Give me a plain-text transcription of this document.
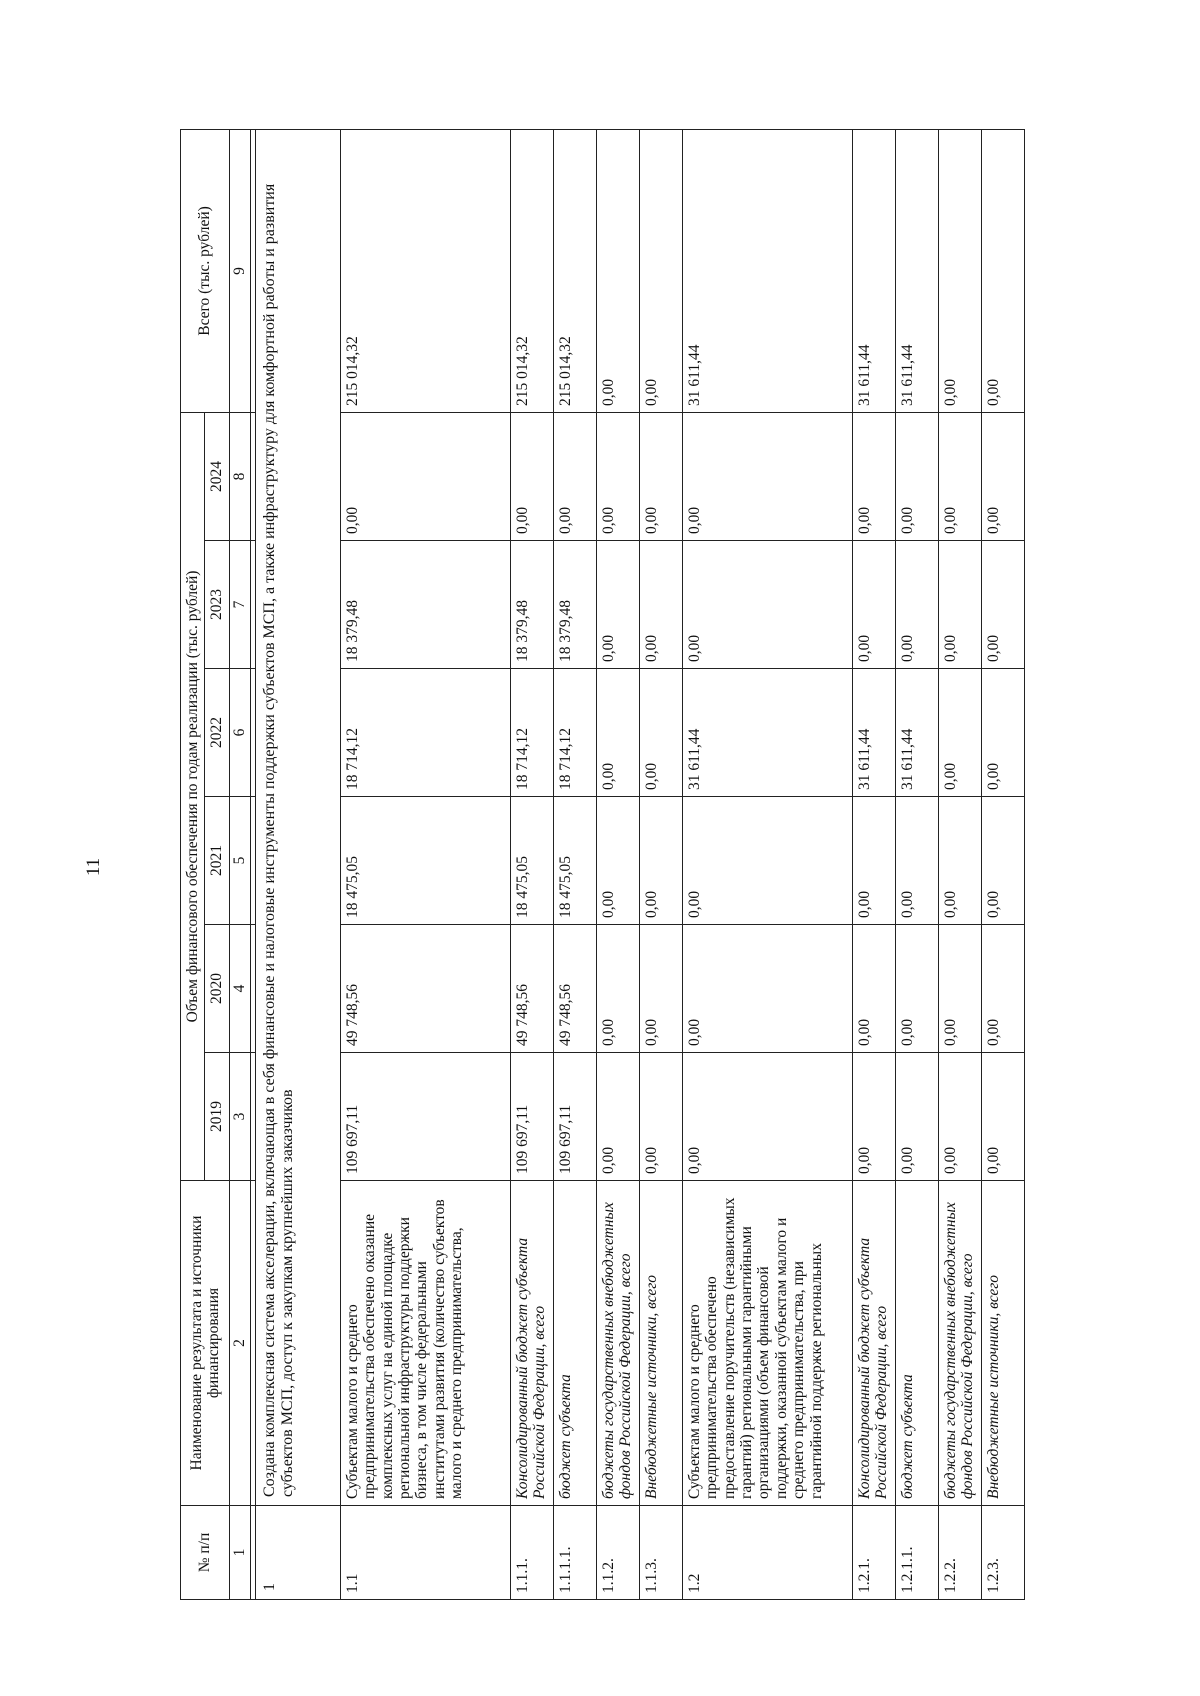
11
№ п/п	Наименование результата и источники финансирования	Объем финансового обеспечения по годам реализации (тыс. рублей)						Всего (тыс. рублей)
		2019	2020	2021	2022	2023	2024	
1	2	3	4	5	6	7	8	9

1	Создана комплексная система акселерации, включающая в себя финансовые и налоговые инструменты поддержки субъектов МСП, а также инфраструктуру для комфортной работы и развития субъектов МСП, доступ к закупкам крупнейших заказчиков							
1.1	Субъектам малого и среднего предпринимательства обеспечено оказание комплексных услуг на единой площадке региональной инфраструктуры поддержки бизнеса, в том числе федеральными институтами развития (количество субъектов малого и среднего предпринимательства,	109 697,11	49 748,56	18 475,05	18 714,12	18 379,48	0,00	215 014,32
1.1.1.	Консолидированный бюджет субъекта Российской Федерации, всего	109 697,11	49 748,56	18 475,05	18 714,12	18 379,48	0,00	215 014,32
1.1.1.1.	бюджет субъекта	109 697,11	49 748,56	18 475,05	18 714,12	18 379,48	0,00	215 014,32
1.1.2.	бюджеты государственных внебюджетных фондов Российской Федерации, всего	0,00	0,00	0,00	0,00	0,00	0,00	0,00
1.1.3.	Внебюджетные источники, всего	0,00	0,00	0,00	0,00	0,00	0,00	0,00
1.2	Субъектам малого и среднего предпринимательства обеспечено предоставление поручительств (независимых гарантий) региональными гарантийными организациями (объем финансовой поддержки, оказанной субъектам малого и среднего предпринимательства, при гарантийной поддержке региональных	0,00	0,00	0,00	31 611,44	0,00	0,00	31 611,44
1.2.1.	Консолидированный бюджет субъекта Российской Федерации, всего	0,00	0,00	0,00	31 611,44	0,00	0,00	31 611,44
1.2.1.1.	бюджет субъекта	0,00	0,00	0,00	31 611,44	0,00	0,00	31 611,44
1.2.2.	бюджеты государственных внебюджетных фондов Российской Федерации, всего	0,00	0,00	0,00	0,00	0,00	0,00	0,00
1.2.3.	Внебюджетные источники, всего	0,00	0,00	0,00	0,00	0,00	0,00	0,00
